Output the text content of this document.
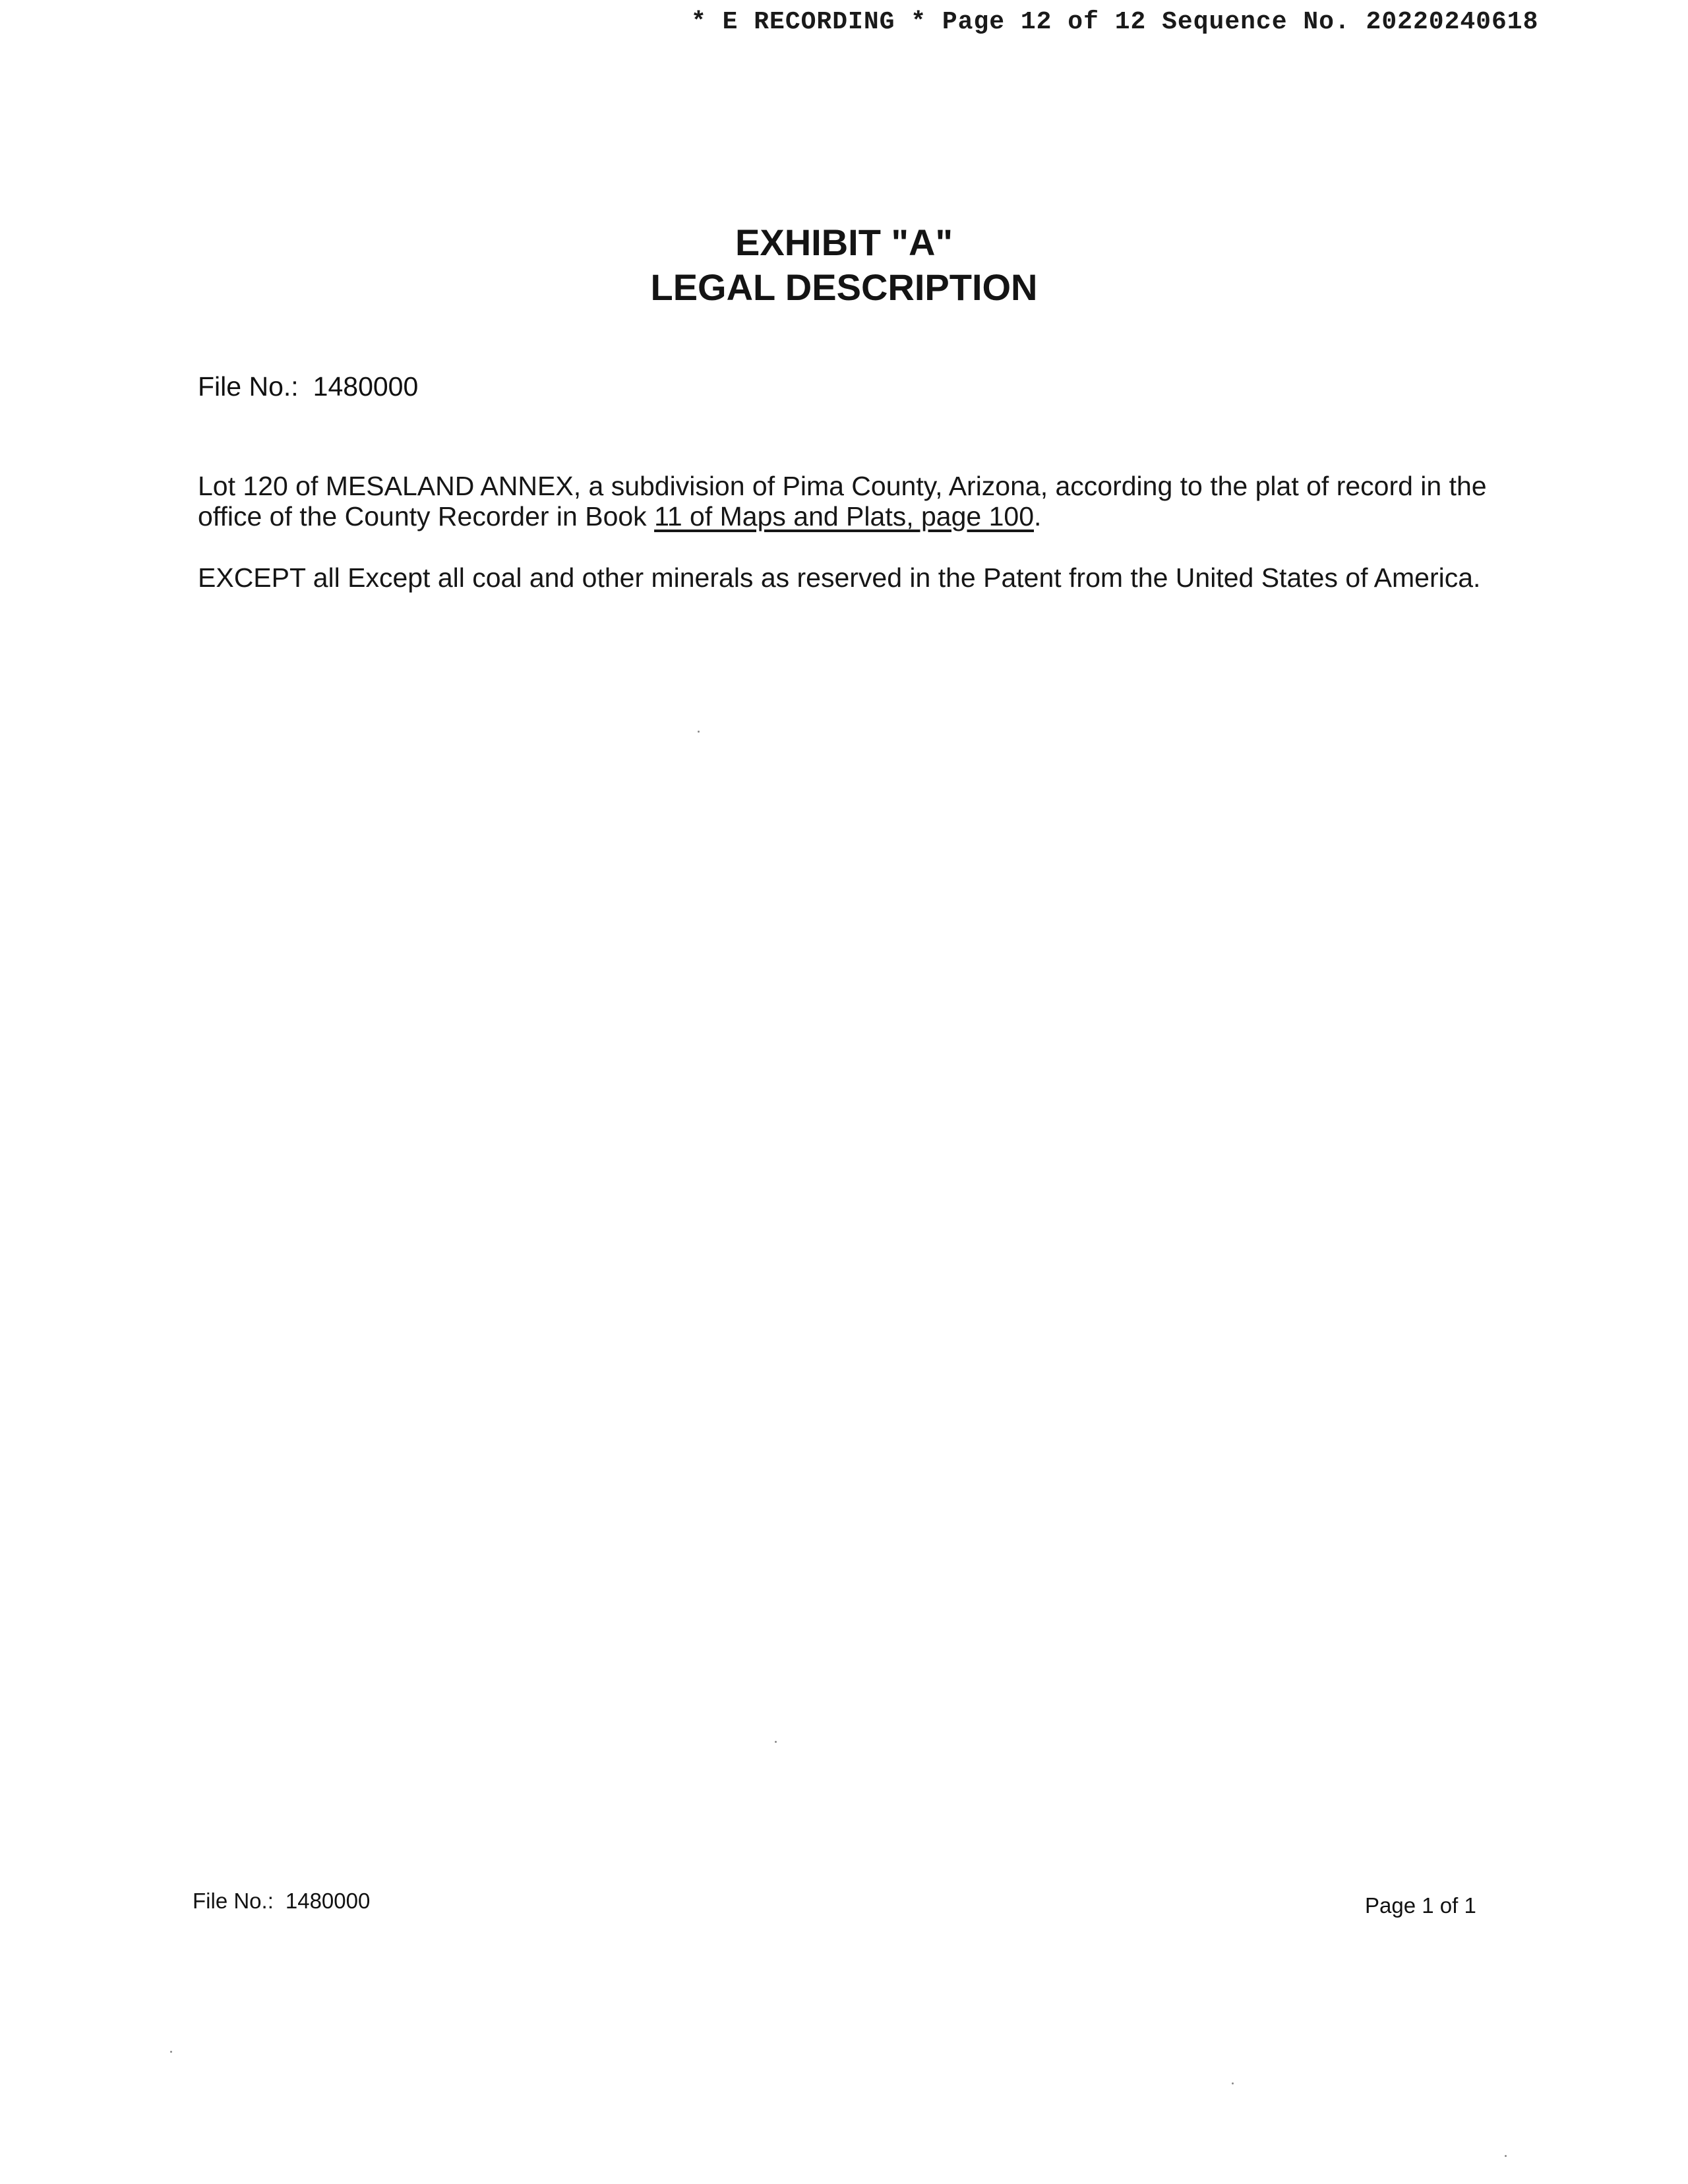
* E RECORDING * Page 12 of 12 Sequence No. 20220240618
EXHIBIT "A"
LEGAL DESCRIPTION
File No.: 1480000
Lot 120 of MESALAND ANNEX, a subdivision of Pima County, Arizona, according to the plat of record in the office of the County Recorder in Book 11 of Maps and Plats, page 100.
EXCEPT all Except all coal and other minerals as reserved in the Patent from the United States of America.
File No.: 1480000	Page 1 of 1
